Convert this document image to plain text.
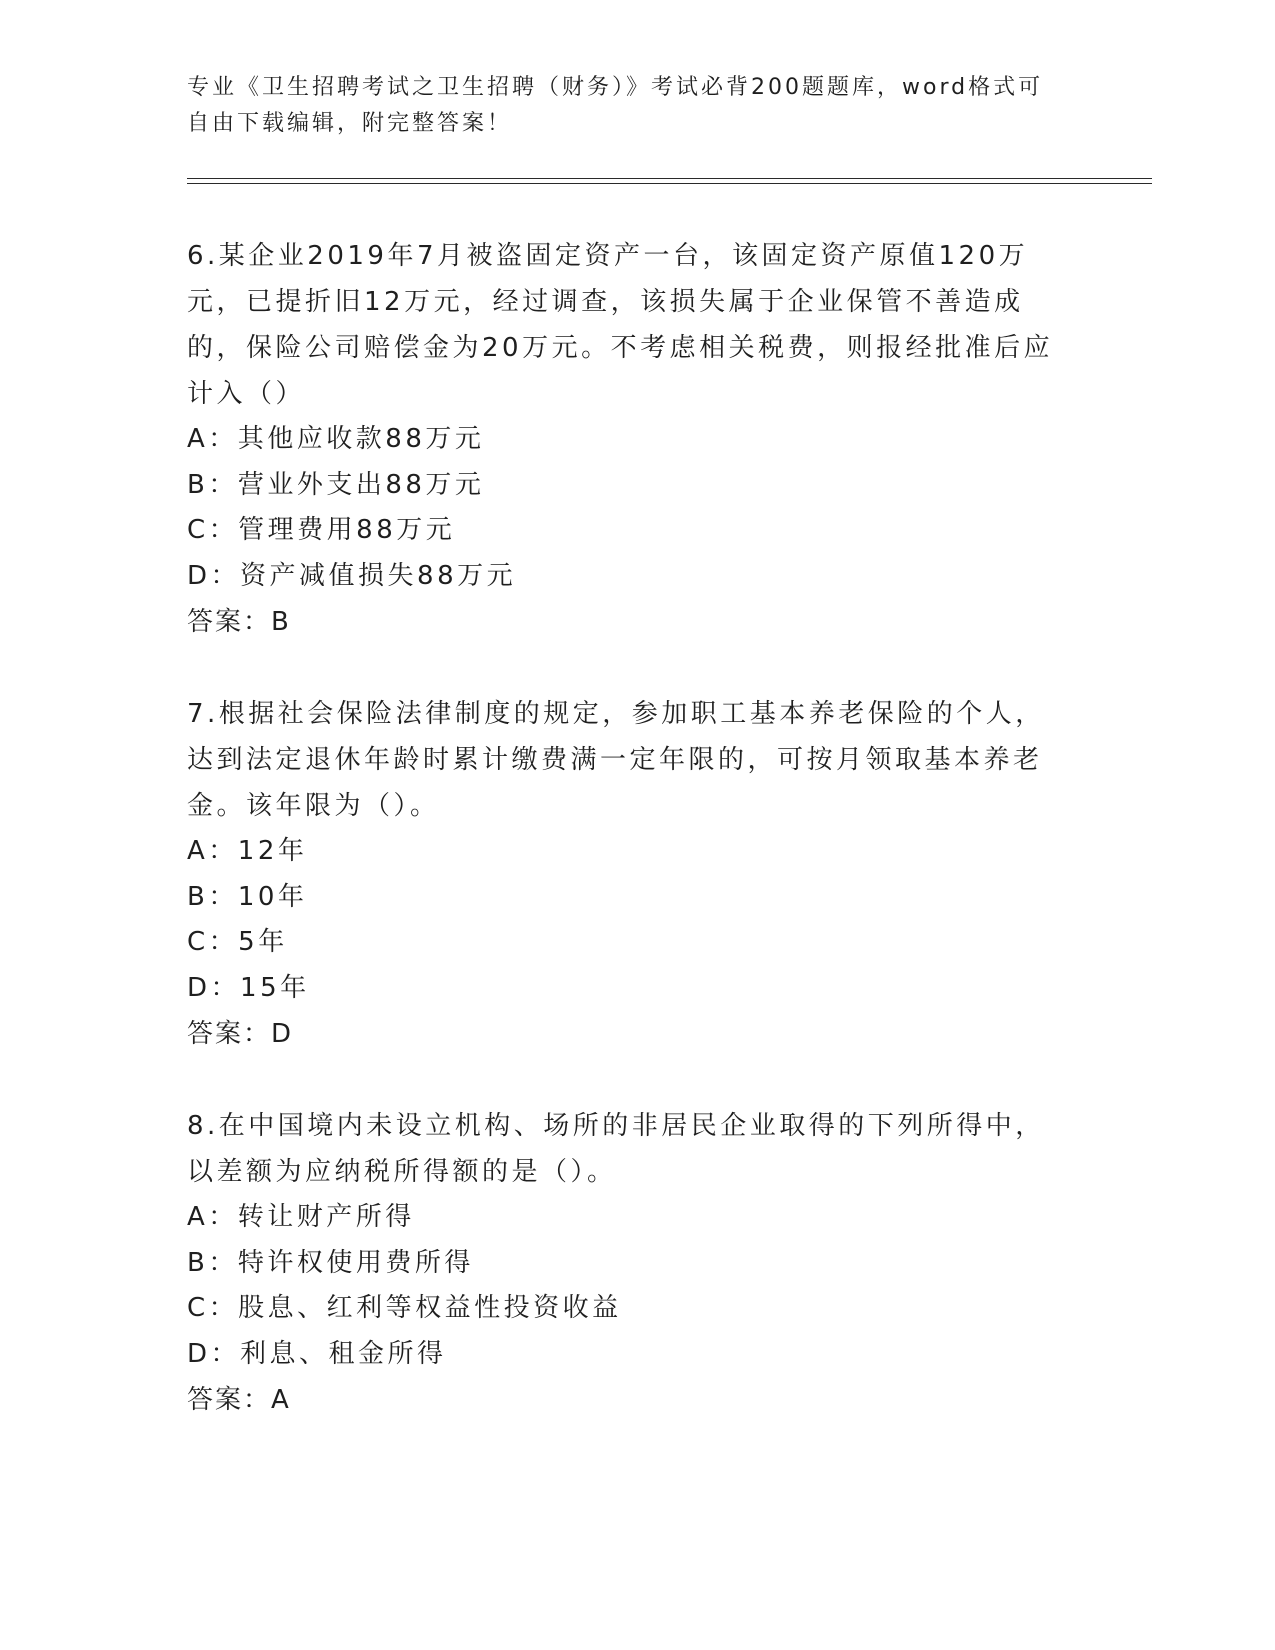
专业《卫生招聘考试之卫生招聘（财务）》考试必背200题题库，word格式可自由下载编辑，附完整答案！
6.某企业2019年7月被盗固定资产一台，该固定资产原值120万元，已提折旧12万元，经过调查，该损失属于企业保管不善造成的，保险公司赔偿金为20万元。不考虑相关税费，则报经批准后应计入（）
A：其他应收款88万元
B：营业外支出88万元
C：管理费用88万元
D：资产减值损失88万元
答案：B
7.根据社会保险法律制度的规定，参加职工基本养老保险的个人，达到法定退休年龄时累计缴费满一定年限的，可按月领取基本养老金。该年限为（）。
A：12年
B：10年
C：5年
D：15年
答案：D
8.在中国境内未设立机构、场所的非居民企业取得的下列所得中，以差额为应纳税所得额的是（）。
A：转让财产所得
B：特许权使用费所得
C：股息、红利等权益性投资收益
D：利息、租金所得
答案：A
